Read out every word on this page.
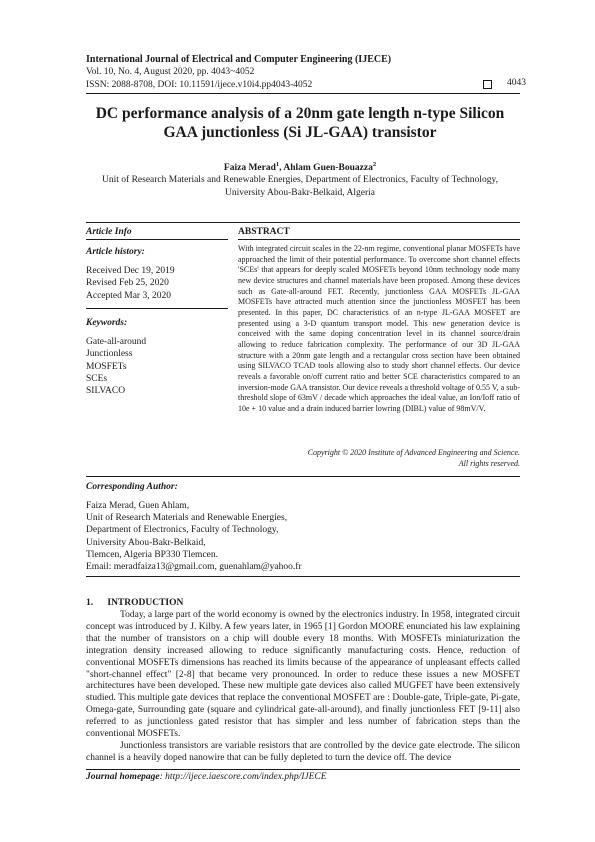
International Journal of Electrical and Computer Engineering (IJECE)
Vol. 10, No. 4, August 2020, pp. 4043~4052
ISSN: 2088-8708, DOI: 10.11591/ijece.v10i4.pp4043-4052	4043
DC performance analysis of a 20nm gate length n-type Silicon
GAA junctionless (Si JL-GAA) transistor
Faiza Merad$^1$, Ahlam Guen-Bouazza$^2$
Unit of Research Materials and Renewable Energies, Department of Electronics, Faculty of Technology,
University Abou-Bakr-Belkaid, Algeria
Article Info	ABSTRACT
Article history:
Received Dec 19, 2019
Revised Feb 25, 2020
Accepted Mar 3, 2020
Keywords:
Gate-all-around
Junctionless
MOSFETs
SCEs
SILVACO
With integrated circuit scales in the 22-nm regime, conventional planar MOSFETs have approached the limit of their potential performance. To overcome short channel effects 'SCEs' that appears for deeply scaled MOSFETs beyond 10nm technology node many new device structures and channel materials have been proposed. Among these devices such as Gate-all-around FET. Recently, junctionless GAA MOSFETs JL-GAA MOSFETs have attracted much attention since the junctionless MOSFET has been presented. In this paper, DC characteristics of an n-type JL-GAA MOSFET are presented using a 3-D quantum transport model. This new generation device is conceived with the same doping concentration level in its channel source/drain allowing to reduce fabrication complexity. The performance of our 3D JL-GAA structure with a 20nm gate length and a rectangular cross section have been obtained using SILVACO TCAD tools allowing also to study short channel effects. Our device reveals a favorable on/off current ratio and better SCE characteristics compared to an inversion-mode GAA transistor. Our device reveals a threshold voltage of 0.55 V, a sub-threshold slope of 63mV / decade which approaches the ideal value, an Ion/Ioff ratio of 10e + 10 value and a drain induced barrier lowring (DIBL) value of 98mV/V.
Copyright © 2020 Institute of Advanced Engineering and Science.
All rights reserved.
Corresponding Author:
Faiza Merad, Guen Ahlam,
Unit of Research Materials and Renewable Energies,
Department of Electronics, Faculty of Technology,
University Abou-Bakr-Belkaid,
Tlemcen, Algeria BP330 Tlemcen.
Email: meradfaiza13@gmail.com, guenahlam@yahoo.fr
1.      INTRODUCTION

Today, a large part of the world economy is owned by the electronics industry. In 1958, integrated circuit concept was introduced by J. Kilby. A few years later, in 1965 [1] Gordon MOORE enunciated his law explaining that the number of transistors on a chip will double every 18 months. With MOSFETs miniaturization the integration density increased allowing to reduce significantly manufacturing costs. Hence, reduction of conventional MOSFETs dimensions has reached its limits because of the appearance of unpleasant effects called "short-channel effect" [2-8] that became very pronounced. In order to reduce these issues a new MOSFET architectures have been developed. These new multiple gate devices also called MUGFET have been extensively studied. This multiple gate devices that replace the conventional MOSFET are : Double-gate, Triple-gate, Pi-gate, Omega-gate, Surrounding gate (square and cylindrical gate-all-around), and finally junctionless FET [9-11] also referred to as junctionless gated resistor that has simpler and less number of fabrication steps than the conventional MOSFETs.

Junctionless transistors are variable resistors that are controlled by the device gate electrode. The silicon channel is a heavily doped nanowire that can be fully depleted to turn the device off. The device

Journal homepage: http://ijece.iaescore.com/index.php/IJECE
